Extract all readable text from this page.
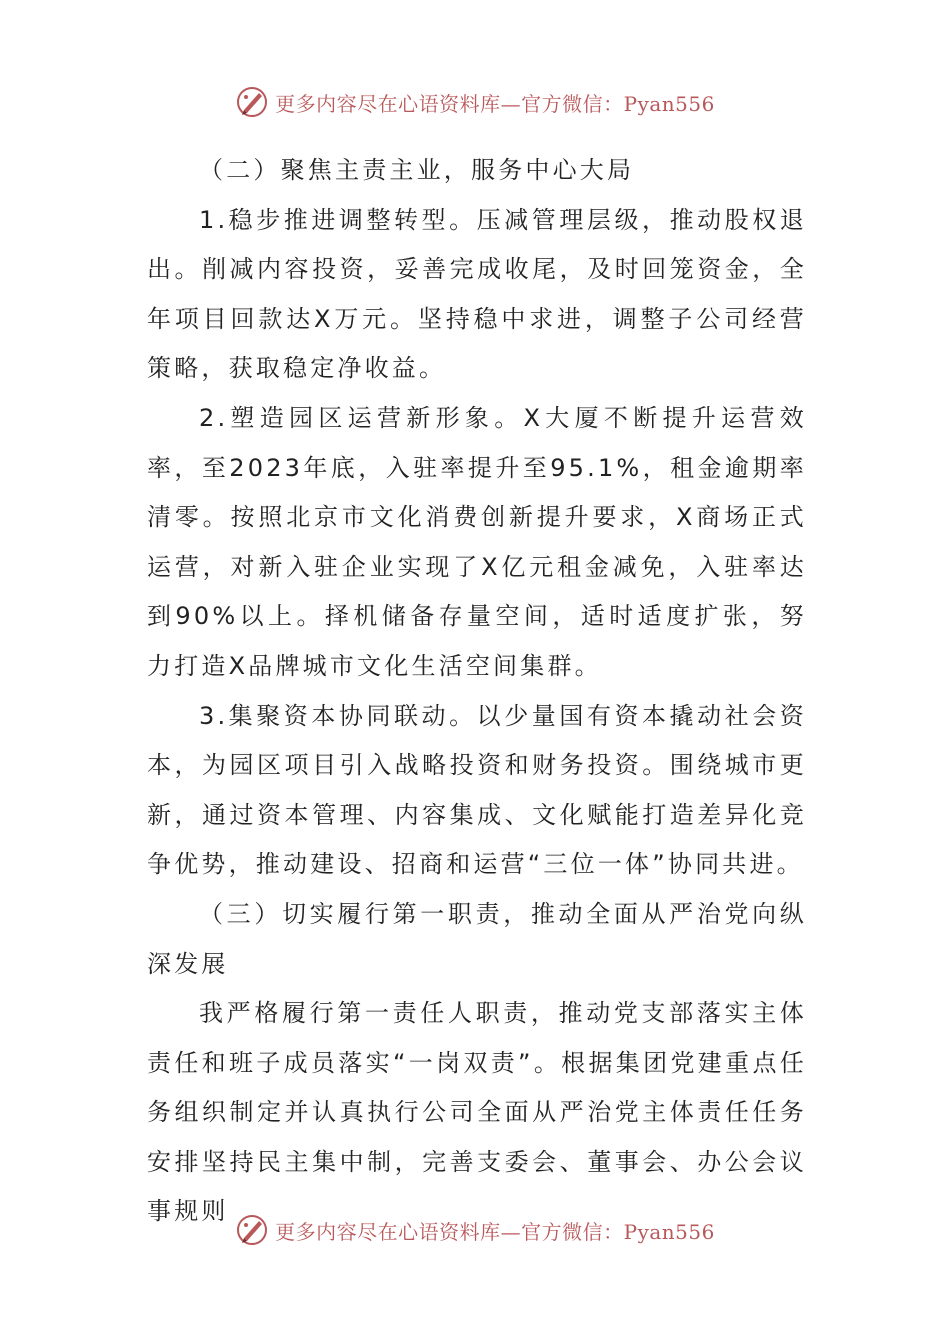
更多内容尽在心语资料库—官方微信：Pyan556

（二）聚焦主责主业，服务中心大局

1.稳步推进调整转型。压减管理层级，推动股权退出。削减内容投资，妥善完成收尾，及时回笼资金，全年项目回款达X万元。坚持稳中求进，调整子公司经营策略，获取稳定净收益。

2.塑造园区运营新形象。X大厦不断提升运营效率，至2023年底，入驻率提升至95.1%，租金逾期率清零。按照北京市文化消费创新提升要求，X商场正式运营，对新入驻企业实现了X亿元租金减免，入驻率达到90%以上。择机储备存量空间，适时适度扩张，努力打造X品牌城市文化生活空间集群。

3.集聚资本协同联动。以少量国有资本撬动社会资本，为园区项目引入战略投资和财务投资。围绕城市更新，通过资本管理、内容集成、文化赋能打造差异化竞争优势，推动建设、招商和运营“三位一体”协同共进。

（三）切实履行第一职责，推动全面从严治党向纵深发展

我严格履行第一责任人职责，推动党支部落实主体责任和班子成员落实“一岗双责”。根据集团党建重点任务组织制定并认真执行公司全面从严治党主体责任任务安排坚持民主集中制，完善支委会、董事会、办公会议事规则

更多内容尽在心语资料库—官方微信：Pyan556
